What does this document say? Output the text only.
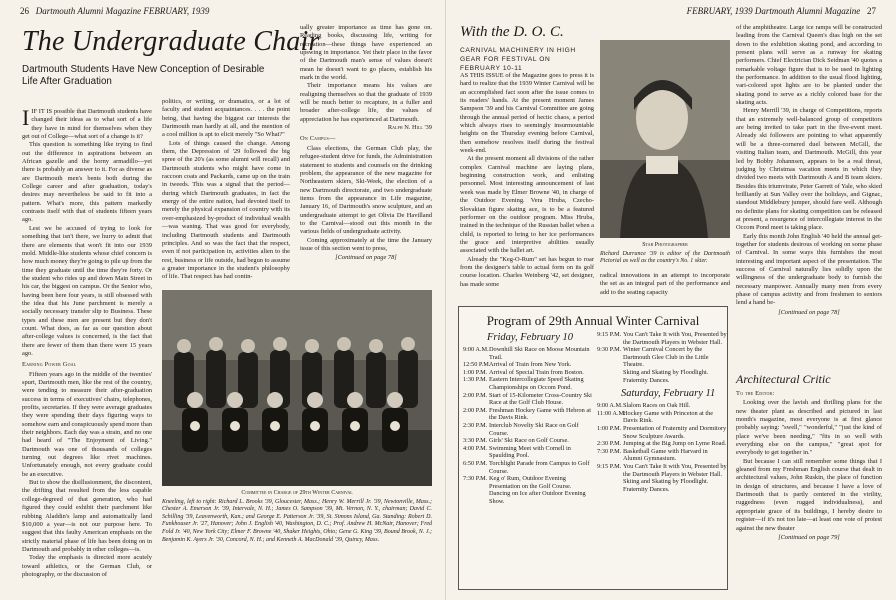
26 Dartmouth Alumni Magazine FEBRUARY, 1939
The Undergraduate Chair
Dartmouth Students Have New Conception of Desirable Life After Graduation

IIF IT IS possible that Dartmouth students have changed their ideas as to what sort of a life they have in mind for themselves when they get out of College—what sort of a change is it?

This question is something like trying to find out the difference in aspirations between an African gazelle and the horny armadillo—yet there is probably an answer to it. For as diverse as are Dartmouth men's bents both during the College career and after graduation, today's desires may nevertheless be said to fit into a pattern. What's more, this pattern markedly contrasts itself with that of students fifteen years ago.

Lest we be accused of trying to look for something that isn't there, we hurry to admit that there are elements that won't fit into our 1939 mold. Middle-like students whose chief concern is how much money they're going to pile up from the time they graduate until the time they're forty. Or the student who rides up and down Main Street in his car, the biggest on campus. Or the Senior who, having been here four years, is still obsessed with the idea that his June parchment is merely a socially necessary transfer slip to Business. These types and these men are present but they don't count. What does, as far as our question about after-college values is concerned, is the fact that there are fewer of them than there were 15 years ago.

Earning Power Goal

Fifteen years ago in the middle of the twenties' spurt, Dartmouth men, like the rest of the country, were tending to measure their after-graduation success in terms of executives' chairs, telephones, profits, secretaries. If they were average graduates they were spending their days figuring ways to somehow earn and conspicuously spend more than their neighbors. Each day was a strain, and no one had heard of "The Enjoyment of Living." Dartmouth was one of thousands of colleges turning out degrees like rivet machines. Unfortunately enough, not every graduate could be an executive.

But to show the disillusionment, the discontent, the drifting that resulted from the less capable college-degreed of that generation, who had figured they could exhibit their parchment like rubbing Aladdin's lamp and automatically land $10,000 a year—is not our purpose here. To suggest that this faulty American emphasis on the strictly material phase of life has been doing on in Dartmouth and probably in other colleges—is.

Today the emphasis is directed more acutely toward athletics, or the German Club, or photography, or the discussion of

politics, or writing, or dramatics, or a lot of faculty and student acquaintances. . . . the point being, that having the biggest car interests the Dartmouth man hardly at all, and the mention of a cool million is apt to elicit merely "So What?"

Lots of things caused the change. Among them, the Depression of '29 followed the big spree of the 20's (as some alumni will recall) and Dartmouth students who might have come in raccoon coats and Packards, came up on the train in tweeds. This was a signal that the period—during which Dartmouth graduates, in fact the energy of the entire nation, had devoted itself to merely the physical expansion of country with its over-emphasized by-product of individual wealth—was waning. That was good for everybody, including Dartmouth students and Dartmouth principles. And so was the fact that the respect, even if not participation in, activities alien to the rest, business or life outside, had begun to assume a greater importance in the student's philosophy of life. That respect has had contin-

ually greater importance as time has gone on. Reading books, discussing life, writing for recreation—these things have experienced an upswing in importance. Yet their place in the favor of the Dartmouth man's sense of values doesn't mean he doesn't want to go places, establish his mark in the world.

Their importance means his values are realigning themselves so that the graduate of 1939 will be much better to recapture, in a fuller and broader after-college life, the values of appreciation he has experienced at Dartmouth.

Ralph N. Hill '39
On Campus—

Class elections, the German Club play, the refugee-student drive for funds, the Administration statement to students and counsels on the drinking problem, the appearance of the new magazine for Northeastern skiers, Ski-Week, the election of a new Dartmouth directorate, and two undergraduate items from the appearance in Life magazine, January 16, of Dartmouth's snow sculpture, and an undergraduate attempt to get Olivia De Havilland to the Carnival—stood out this month in the various fields of undergraduate activity.

Coming approximately at the time the January issue of this section went to press,

[Continued on page 78]
Committee in Charge of 29th Winter Carnival
Kneeling, left to right: Richard L. Brooks '39, Gloucester, Mass.; Henry W. Merrill Jr. '39, Newtonville, Mass.; Chester A. Emerson Jr. '39, Intervale, N. H.; James O. Sampson '39, Mt. Vernon, N. Y., chairman; David C. Schilling '39, Leavenworth, Kan.; and George E. Patterson Jr. '39, St. Simons Island, Ga. Standing: Robert D. Funkhouser Jr. '27, Hanover; John J. English '40, Washington, D. C.; Prof. Andrew H. McNair, Hanover; Fred Fold Jr. '40, New York City; Elmer F. Browne '40, Shaker Heights, Ohio; Gene G. King '39, Bound Brook, N. J.; Benjamin K. Ayers Jr. '30, Concord, N. H.; and Kenneth A. MacDonald '39, Quincy, Mass.
FEBRUARY, 1939 Dartmouth Alumni Magazine 27
With the D. O. C.
CARNIVAL MACHINERY IN HIGH GEAR FOR FESTIVAL ON FEBRUARY 10-11

AS THIS ISSUE of the Magazine goes to press it is hard to realize that the 1939 Winter Carnival will be an accomplished fact soon after the issue comes to its readers' hands. At the present moment James Sampson '39 and his Carnival Committee are going through the annual period of hectic chaos, a period which always rises to seemingly insurmountable heights on the Thursday evening before Carnival, then somehow resolves itself during the festival week-end.

At the present moment all divisions of the rather complex Carnival machine are laying plans, beginning construction work, and enlisting personnel. Most interesting announcement of last week was made by Elmer Browne '40, in charge of the Outdoor Evening. Vera Hruba, Czecho-Slovakian figure skating ace, is to be a featured performer on the outdoor program. Miss Hruba, trained in the technique of the Russian ballet when a child, is reported to bring to her ice performances the grace and interpretive abilities usually associated with the ballet art.

Already the "Keg-O-Rum" set has begun to roar from the designer's table to actual form on its golf course location. Charles Weinberg '42, set designer, has made some

Star Photographer
Richard Durrance '39 is editor of the Dartmouth Pictorial as well as the country's No. 1 skier.

radical innovations in an attempt to incorporate the set as an integral part of the performance and add to the seating capacity

of the amphitheatre. Large ice ramps will be constructed leading from the Carnival Queen's dias high on the set down to the exhibition skating pond, and according to present plans will serve as a runway for skating performers. Chief Electrician Dick Seidman '40 quotes a remarkable voltage figure that is to be used in lighting the performance. In addition to the usual flood lighting, vari-colored spot lights are to be planted under the skating pond to serve as a richly colored base for the skating acts.

Henry Merrill '39, in charge of Competitions, reports that an extremely well-balanced group of competitors are being invited to take part in the five-event meet. Already ski followers are pointing to what apparently will be a three-cornered duel between McGill, the visiting Italian team, and Dartmouth. McGill, this year led by Bobby Johannsen, appears to be a real threat, judging by Christmas vacation meets in which they divided two meets with Dartmouth A and B team skiers. Besides this triumvirate, Peter Garrett of Yale, who skied brilliantly at Sun Valley over the holidays, and Gignac, standout Middlebury jumper, should fare well. Although no definite plans for skating competition can be released at present, a resurgence of intercollegiate interest in the Occom Pond meet is taking place.

Early this month John English '40 held the annual get-together for students desirous of working on some phase of Carnival. In some ways this furnishes the most interesting and important aspect of the presentation. The success of Carnival naturally lies solidly upon the willingness of the undergraduate body to furnish the necessary manpower. Annually many men from every phase of campus activity and from freshmen to seniors lend a hand be-

[Continued on page 78]
Architectural Critic
To the Editor:

Looking over the lavish and thrilling plans for the new theater plant as described and pictured in last month's magazine, most everyone is at first glance probably saying: "swell," "wonderful," "just the kind of place we've been needing," "fits in so well with everything else on the campus," "great spot for everybody to get together in."

But because I can still remember some things that I gleaned from my Freshman English course that dealt in architectural values, John Ruskin, the place of function in design of structures, and because I have a love of Dartmouth that is partly centered in the virility, ruggedness (even rugged individualness), and appropriate grace of its buildings, I hereby desire to register—if it's not too late—at least one vote of protest against the new theater

[Continued on page 79]
Program of 29th Annual Winter Carnival
Friday, February 10
9:00 A.M. Downhill Ski Race on Moose Mountain Trail.
12:50 P.M.
Arrival of Train from New York.
1:00 P.M. Arrival of Special Train from Boston.
1:30 P.M. Eastern Intercollegiate Speed Skating Championships on Occom Pond.
2:00 P.M. Start of 15-Kilometer Cross-Country Ski Race at the Golf Club House.
2:00 P.M. Freshman Hockey Game with Hebron at the Davis Rink.
2:30 P.M. Interclub Novelty Ski Race on Golf Course.
3:30 P.M. Girls' Ski Race on Golf Course.
4:00 P.M. Swimming Meet with Cornell in Spaulding Pool.
6:50 P.M. Torchlight Parade from Campus to Golf Course.
7:30 P.M. Keg o' Rum, Outdoor Evening Presentation on the Golf Course.
Dancing on Ice after Outdoor Evening Show.
9:15 P.M. You Can't Take It with You, Presented by the Dartmouth Players in Webster Hall.
9:30 P.M. Winter Carnival Concert by the Dartmouth Glee Club in the Little Theatre.
Skiing and Skating by Floodlight.
Fraternity Dances.
Saturday, February 11
9:00 A.M. Slalom Races on Oak Hill.
11:00 A.M.
Hockey Game with Princeton at the Davis Rink.
1:00 P.M. Presentation of Fraternity and Dormitory Snow Sculpture Awards.
2:30 P.M. Jumping at the Big Jump on Lyme Road.
7:30 P.M. Basketball Game with Harvard in Alumni Gymnasium.
9:15 P.M. You Can't Take It with You, Presented by the Dartmouth Players in Webster Hall.
Skiing and Skating by Floodlight.
Fraternity Dances.
